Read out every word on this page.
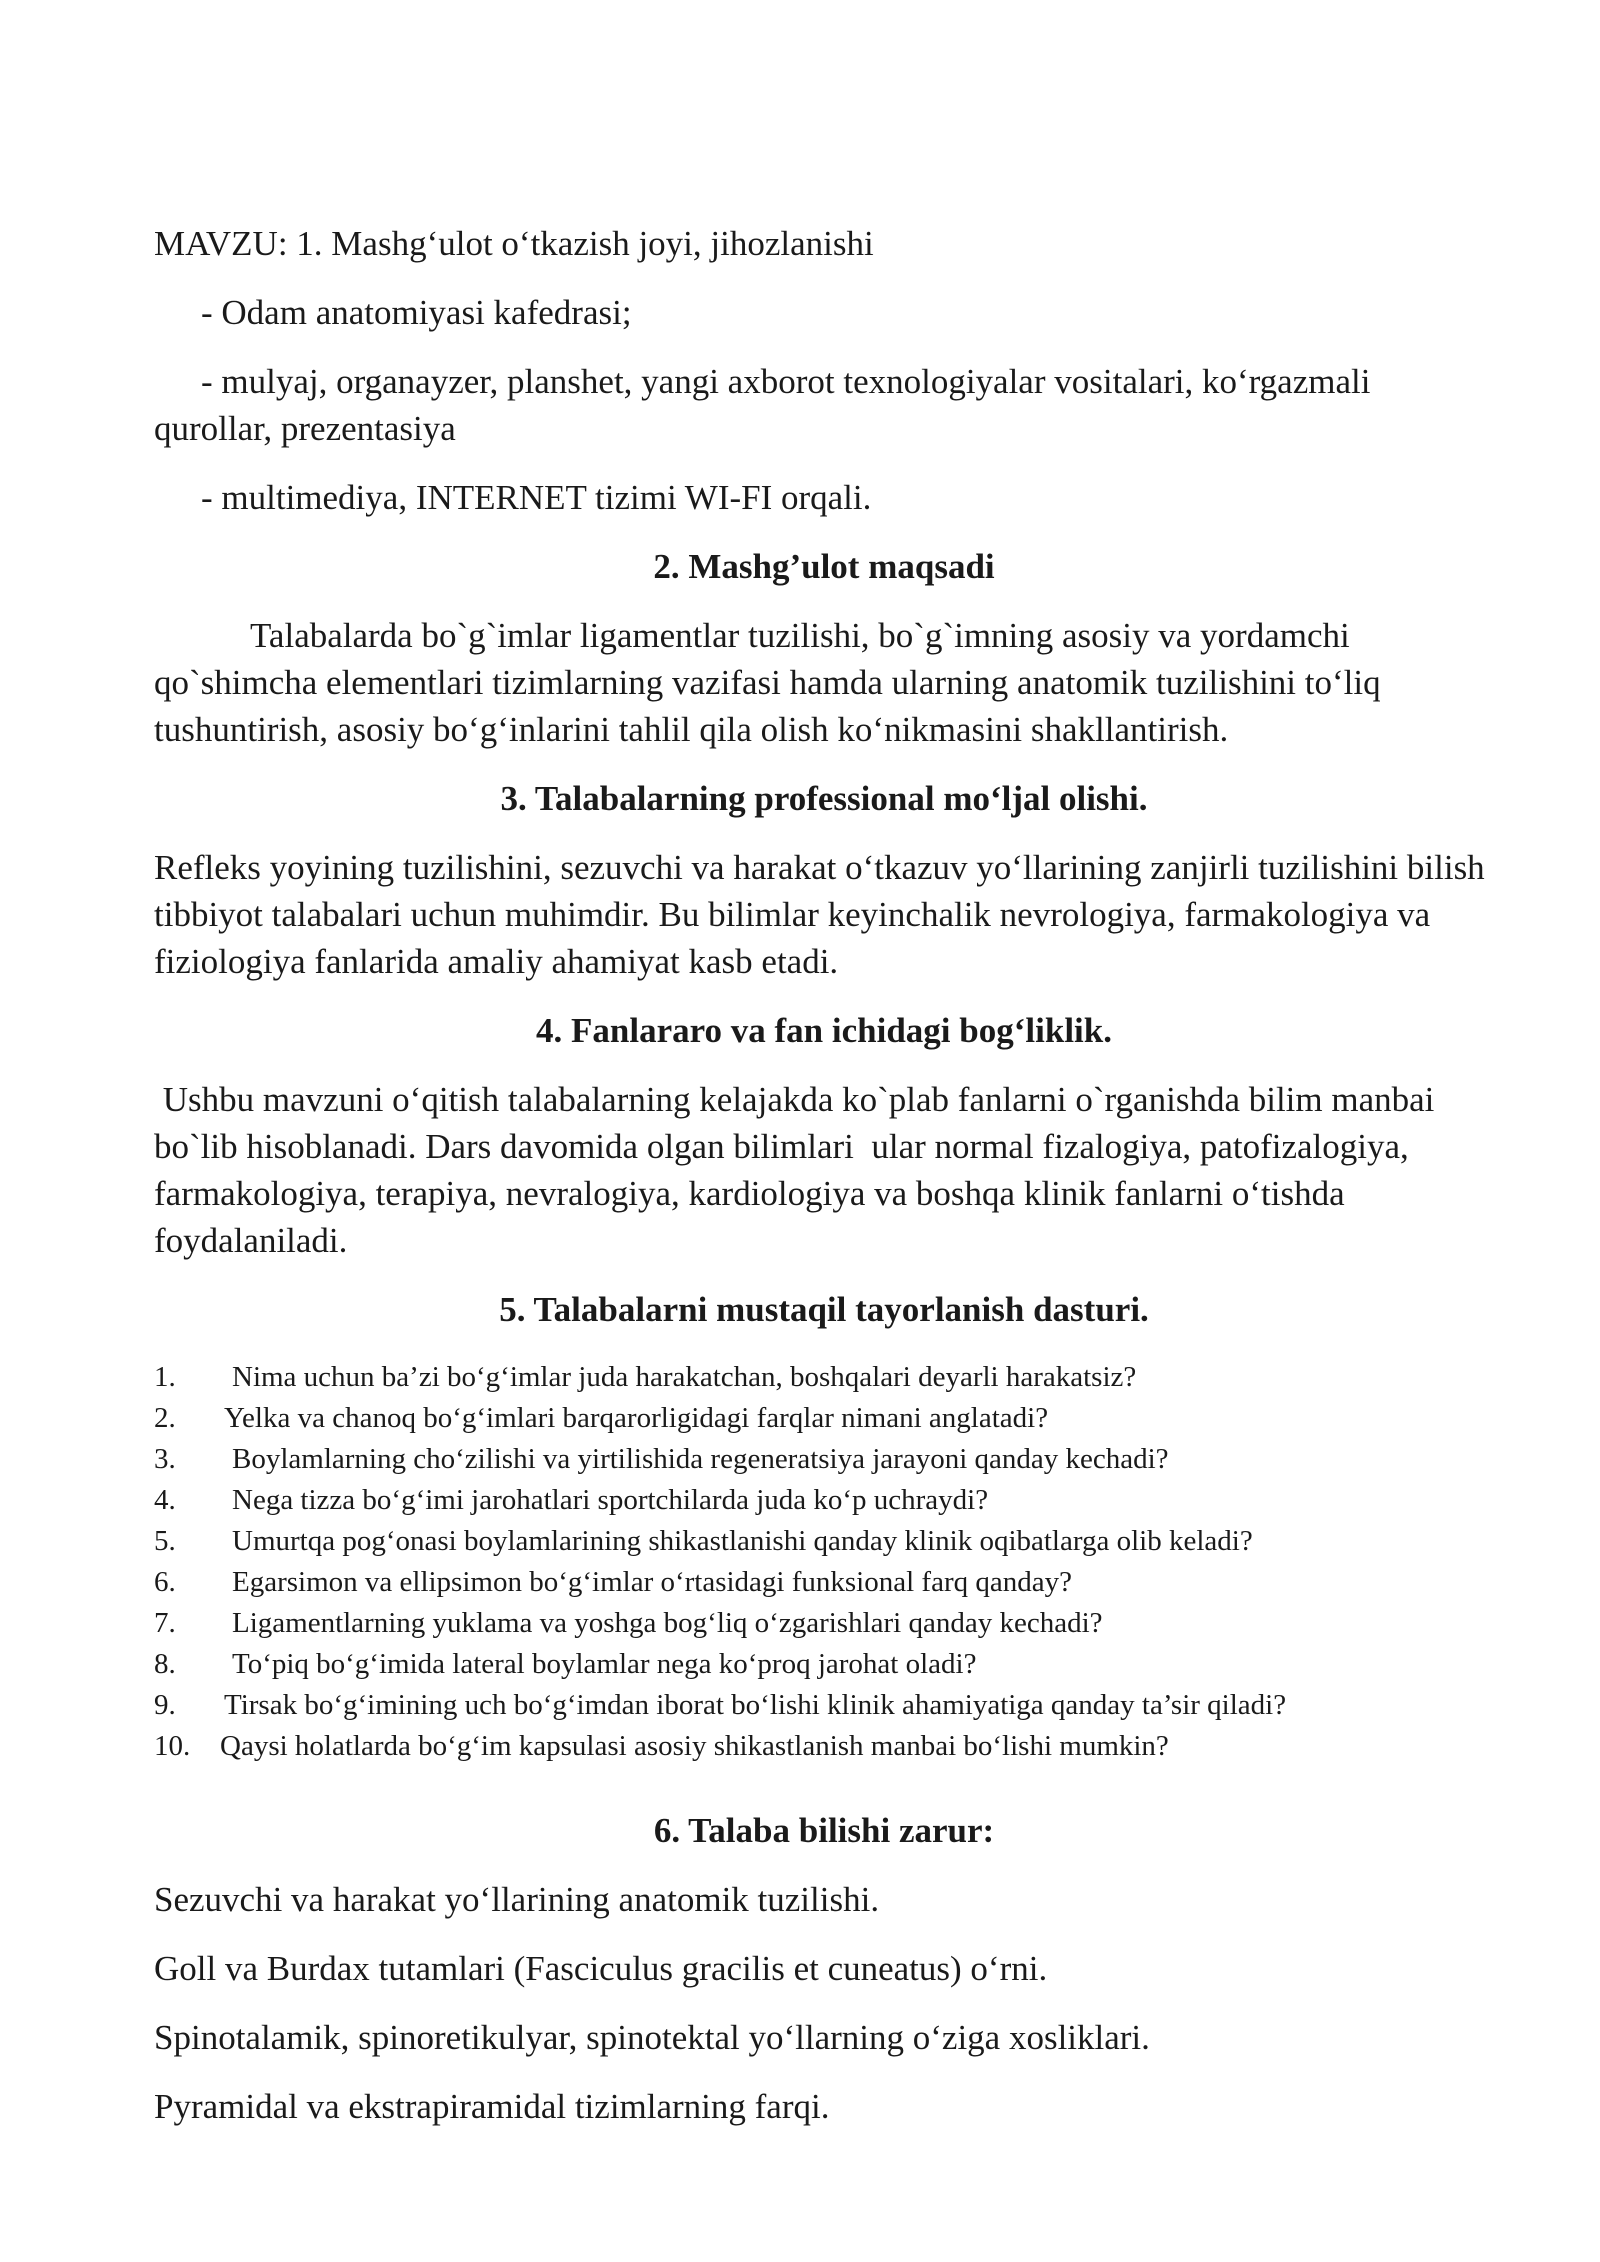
MAVZU: 1. Mashg‘ulot o‘tkazish joyi, jihozlanishi

- Odam anatomiyasi kafedrasi;

- mulyaj, organayzer, planshet, yangi axborot texnologiyalar vositalari, ko‘rgazmali qurollar, prezentasiya

- multimediya, INTERNET tizimi WI-FI orqali.

2. Mashg’ulot maqsadi

Talabalarda bo`g`imlar ligamentlar tuzilishi, bo`g`imning asosiy va yordamchi qo`shimcha elementlari tizimlarning vazifasi hamda ularning anatomik tuzilishini to‘liq tushuntirish, asosiy bo‘g‘inlarini tahlil qila olish ko‘nikmasini shakllantirish.

3. Talabalarning professional mo‘ljal olishi.

Refleks yoyining tuzilishini, sezuvchi va harakat o‘tkazuv yo‘llarining zanjirli tuzilishini bilish tibbiyot talabalari uchun muhimdir. Bu bilimlar keyinchalik nevrologiya, farmakologiya va fiziologiya fanlarida amaliy ahamiyat kasb etadi.

4. Fanlararo va fan ichidagi bog‘liklik.

Ushbu mavzuni o‘qitish talabalarning kelajakda ko`plab fanlarni o`rganishda bilim manbai bo`lib hisoblanadi. Dars davomida olgan bilimlari  ular normal fizalogiya, patofizalogiya, farmakologiya, terapiya, nevralogiya, kardiologiya va boshqa klinik fanlarni o‘tishda foydalaniladi.

5. Talabalarni mustaqil tayorlanish dasturi.
1.	Nima uchun ba’zi bo‘g‘imlar juda harakatchan, boshqalari deyarli harakatsiz?
2.	Yelka va chanoq bo‘g‘imlari barqarorligidagi farqlar nimani anglatadi?
3.	Boylamlarning cho‘zilishi va yirtilishida regeneratsiya jarayoni qanday kechadi?
4.	Nega tizza bo‘g‘imi jarohatlari sportchilarda juda ko‘p uchraydi?
5.	Umurtqa pog‘onasi boylamlarining shikastlanishi qanday klinik oqibatlarga olib keladi?
6.	Egarsimon va ellipsimon bo‘g‘imlar o‘rtasidagi funksional farq qanday?
7.	Ligamentlarning yuklama va yoshga bog‘liq o‘zgarishlari qanday kechadi?
8.	To‘piq bo‘g‘imida lateral boylamlar nega ko‘proq jarohat oladi?
9.	Tirsak bo‘g‘imining uch bo‘g‘imdan iborat bo‘lishi klinik ahamiyatiga qanday ta’sir qiladi?
10.	Qaysi holatlarda bo‘g‘im kapsulasi asosiy shikastlanish manbai bo‘lishi mumkin?
6. Talaba bilishi zarur:

Sezuvchi va harakat yo‘llarining anatomik tuzilishi.

Goll va Burdax tutamlari (Fasciculus gracilis et cuneatus) o‘rni.

Spinotalamik, spinoretikulyar, spinotektal yo‘llarning o‘ziga xosliklari.

Pyramidal va ekstrapiramidal tizimlarning farqi.
